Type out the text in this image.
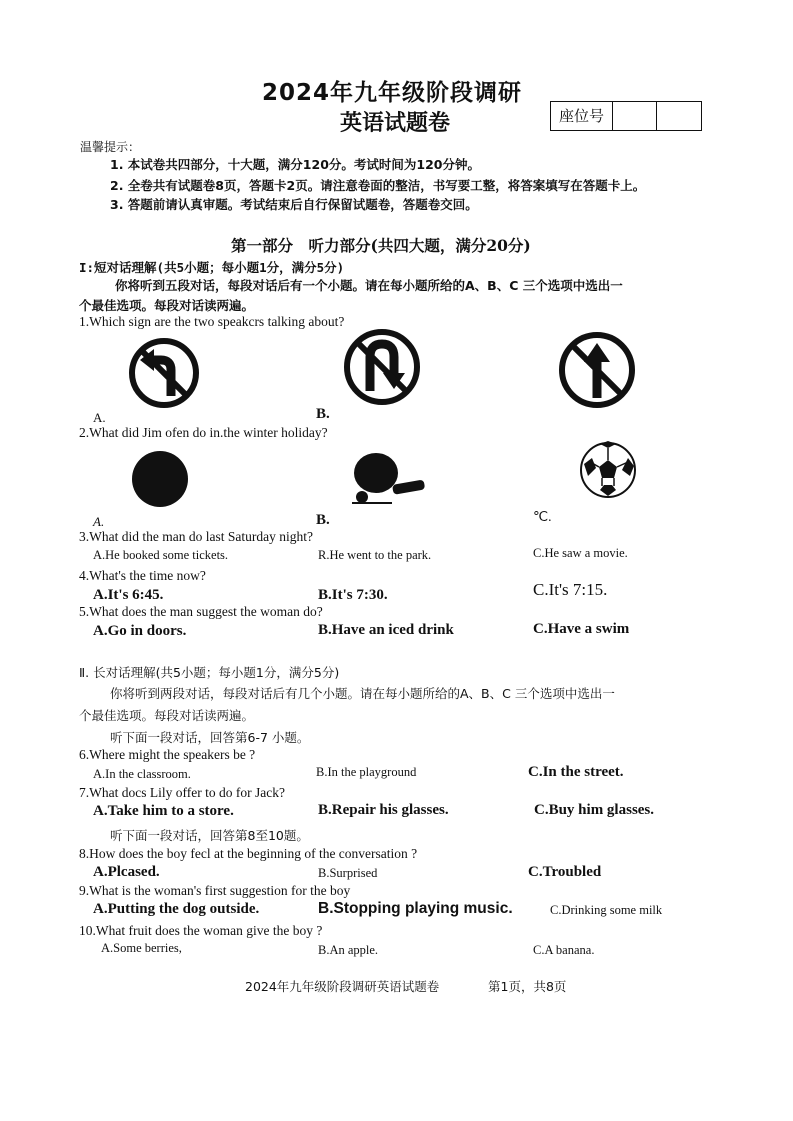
2024年九年级阶段调研
英语试题卷	座位号
温馨提示：
1. 本试卷共四部分，十大题，满分120分。考试时间为120分钟。
2. 全卷共有试题卷8页，答题卡2页。请注意卷面的整洁，书写要工整，将答案填写在答题卡上。
3. 答题前请认真审题。考试结束后自行保留试题卷，答题卷交回。
第一部分　听力部分(共四大题，满分20分)
I:短对话理解(共5小题；每小题1分，满分5分)
你将听到五段对话，每段对话后有一个小题。请在每小题所给的A、B、C 三个选项中选出一
个最佳选项。每段对话读两遍。
1.Which sign are the two speakcrs talking about?
A.	B.
2.What did Jim ofen do in.the winter holiday?
A.	B.	℃.
3.What did the man do last Saturday night?
A.He booked some tickets.	R.He went to the park.	C.He saw a movie.
4.What's the time now?
A.It's 6:45.	B.It's 7:30.	C.It's 7:15.
5.What does the man suggest the woman do?
A.Go in doors.	B.Have an iced drink	C.Have a swim
Ⅱ. 长对话理解(共5小题；每小题1分，满分5分)
你将听到两段对话，每段对话后有几个小题。请在每小题所给的A、B、C 三个选项中选出一
个最佳选项。每段对话读两遍。
听下面一段对话，回答第6-7 小题。
6.Where might the speakers be ?
A.In the classroom.	B.In the playground	C.In the street.
7.What docs Lily offer to do for Jack?
A.Take him to a store.	B.Repair his glasses.	C.Buy him glasses.
听下面一段对话，回答第8至10题。
8.How does the boy fecl at the beginning of the conversation ?
A.Plcased.	B.Surprised	C.Troubled
9.What is the woman's first suggestion for the boy
A.Putting the dog outside.	B.Stopping playing music.	C.Drinking some milk
10.What fruit does the woman give the boy ?
A.Some berries,	B.An apple.	C.A banana.
2024年九年级阶段调研英语试题卷	第1页，共8页
